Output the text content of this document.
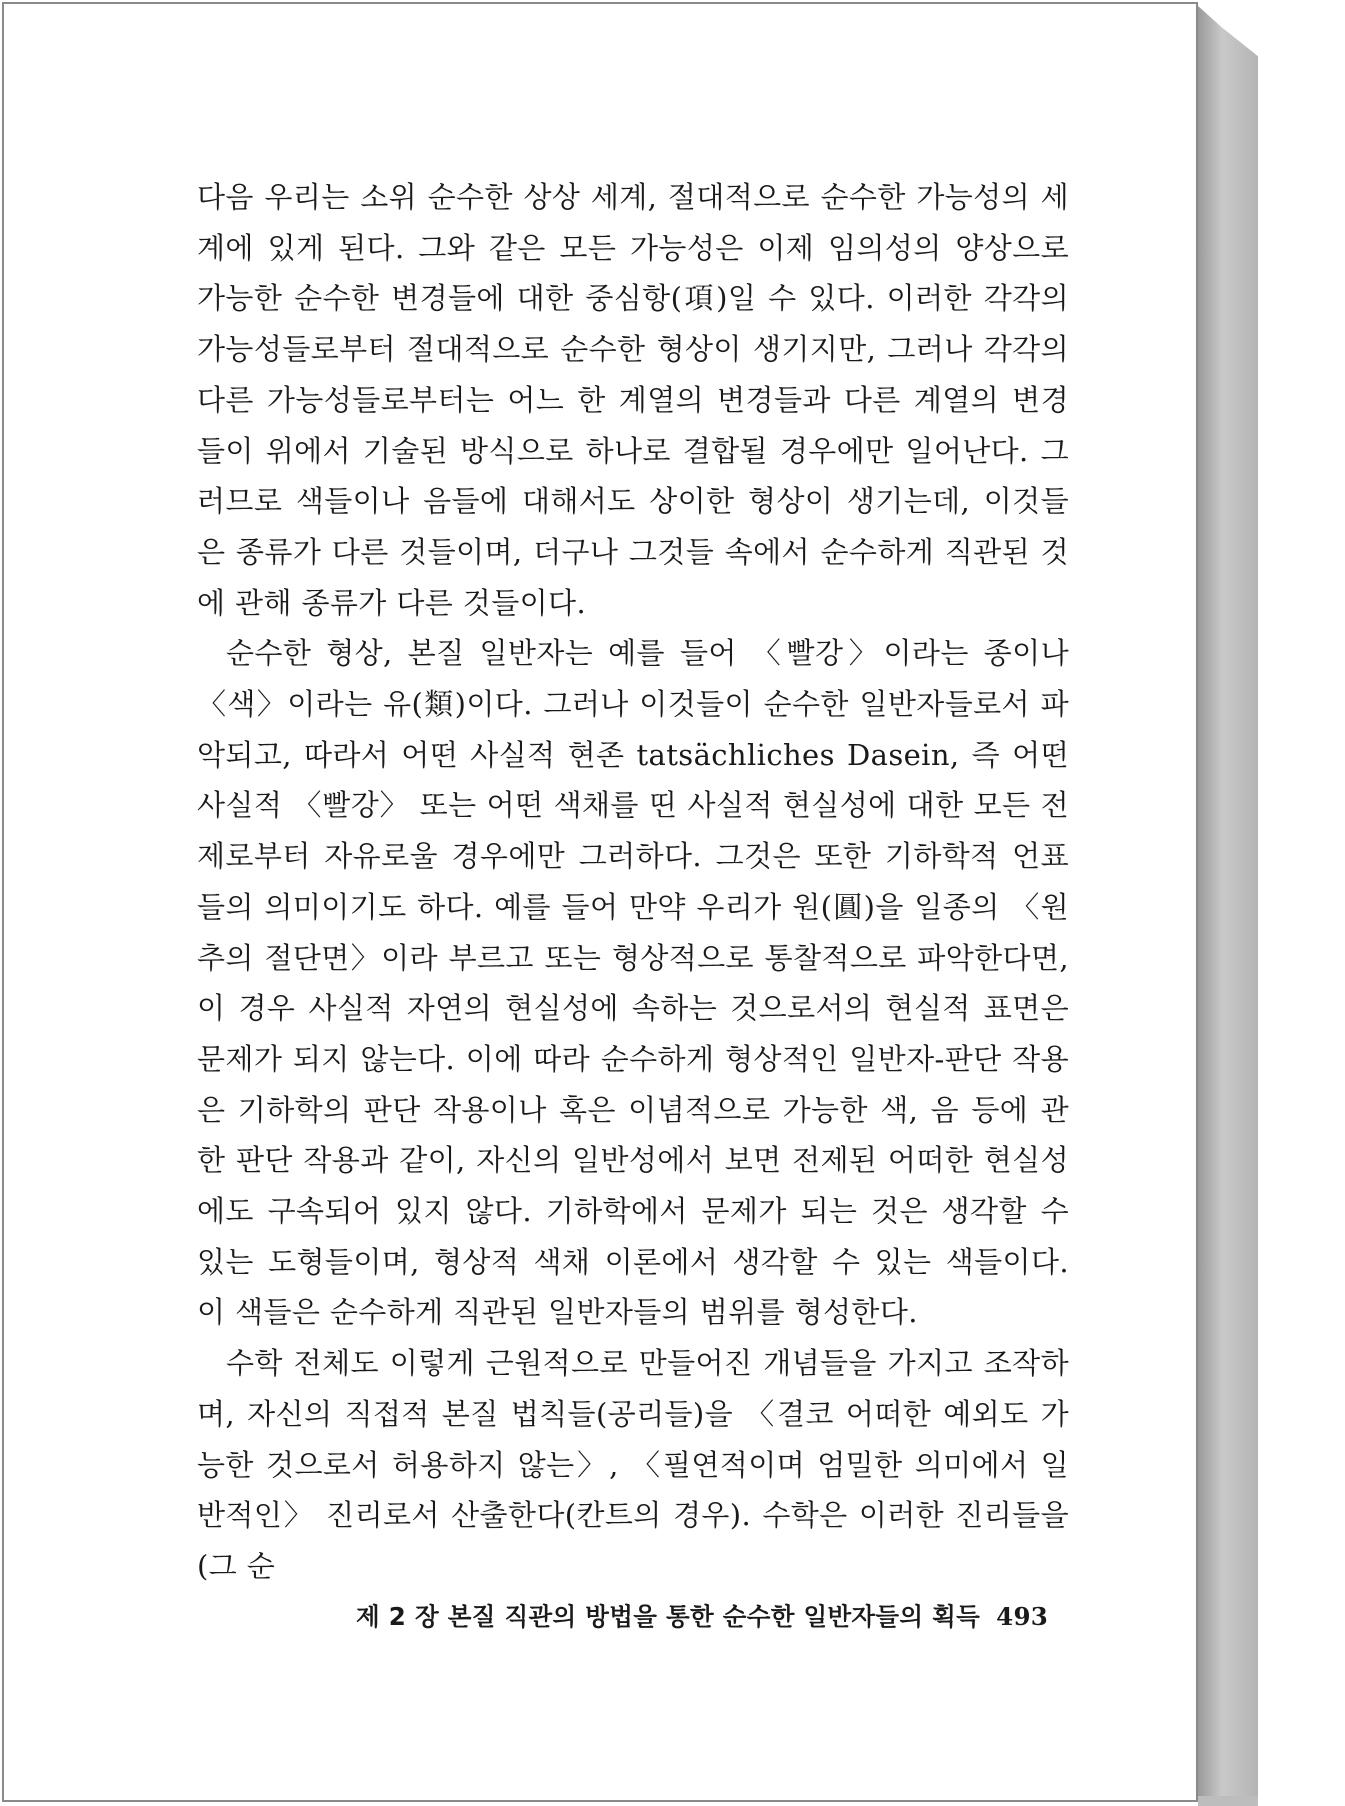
다음 우리는 소위 순수한 상상 세계, 절대적으로 순수한 가능성의 세계에 있게 된다. 그와 같은 모든 가능성은 이제 임의성의 양상으로 가능한 순수한 변경들에 대한 중심항(項)일 수 있다. 이러한 각각의 가능성들로부터 절대적으로 순수한 형상이 생기지만, 그러나 각각의 다른 가능성들로부터는 어느 한 계열의 변경들과 다른 계열의 변경들이 위에서 기술된 방식으로 하나로 결합될 경우에만 일어난다. 그러므로 색들이나 음들에 대해서도 상이한 형상이 생기는데, 이것들은 종류가 다른 것들이며, 더구나 그것들 속에서 순수하게 직관된 것에 관해 종류가 다른 것들이다.

순수한 형상, 본질 일반자는 예를 들어 〈빨강〉이라는 종이나 〈색〉이라는 유(類)이다. 그러나 이것들이 순수한 일반자들로서 파악되고, 따라서 어떤 사실적 현존 tatsächliches Dasein, 즉 어떤 사실적 〈빨강〉 또는 어떤 색채를 띤 사실적 현실성에 대한 모든 전제로부터 자유로울 경우에만 그러하다. 그것은 또한 기하학적 언표들의 의미이기도 하다. 예를 들어 만약 우리가 원(圓)을 일종의 〈원추의 절단면〉이라 부르고 또는 형상적으로 통찰적으로 파악한다면, 이 경우 사실적 자연의 현실성에 속하는 것으로서의 현실적 표면은 문제가 되지 않는다. 이에 따라 순수하게 형상적인 일반자-판단 작용은 기하학의 판단 작용이나 혹은 이념적으로 가능한 색, 음 등에 관한 판단 작용과 같이, 자신의 일반성에서 보면 전제된 어떠한 현실성에도 구속되어 있지 않다. 기하학에서 문제가 되는 것은 생각할 수 있는 도형들이며, 형상적 색채 이론에서 생각할 수 있는 색들이다. 이 색들은 순수하게 직관된 일반자들의 범위를 형성한다.

수학 전체도 이렇게 근원적으로 만들어진 개념들을 가지고 조작하며, 자신의 직접적 본질 법칙들(공리들)을 〈결코 어떠한 예외도 가능한 것으로서 허용하지 않는〉, 〈필연적이며 엄밀한 의미에서 일반적인〉 진리로서 산출한다(칸트의 경우). 수학은 이러한 진리들을 (그 순

제 2 장 본질 직관의 방법을 통한 순수한 일반자들의 획득 493
